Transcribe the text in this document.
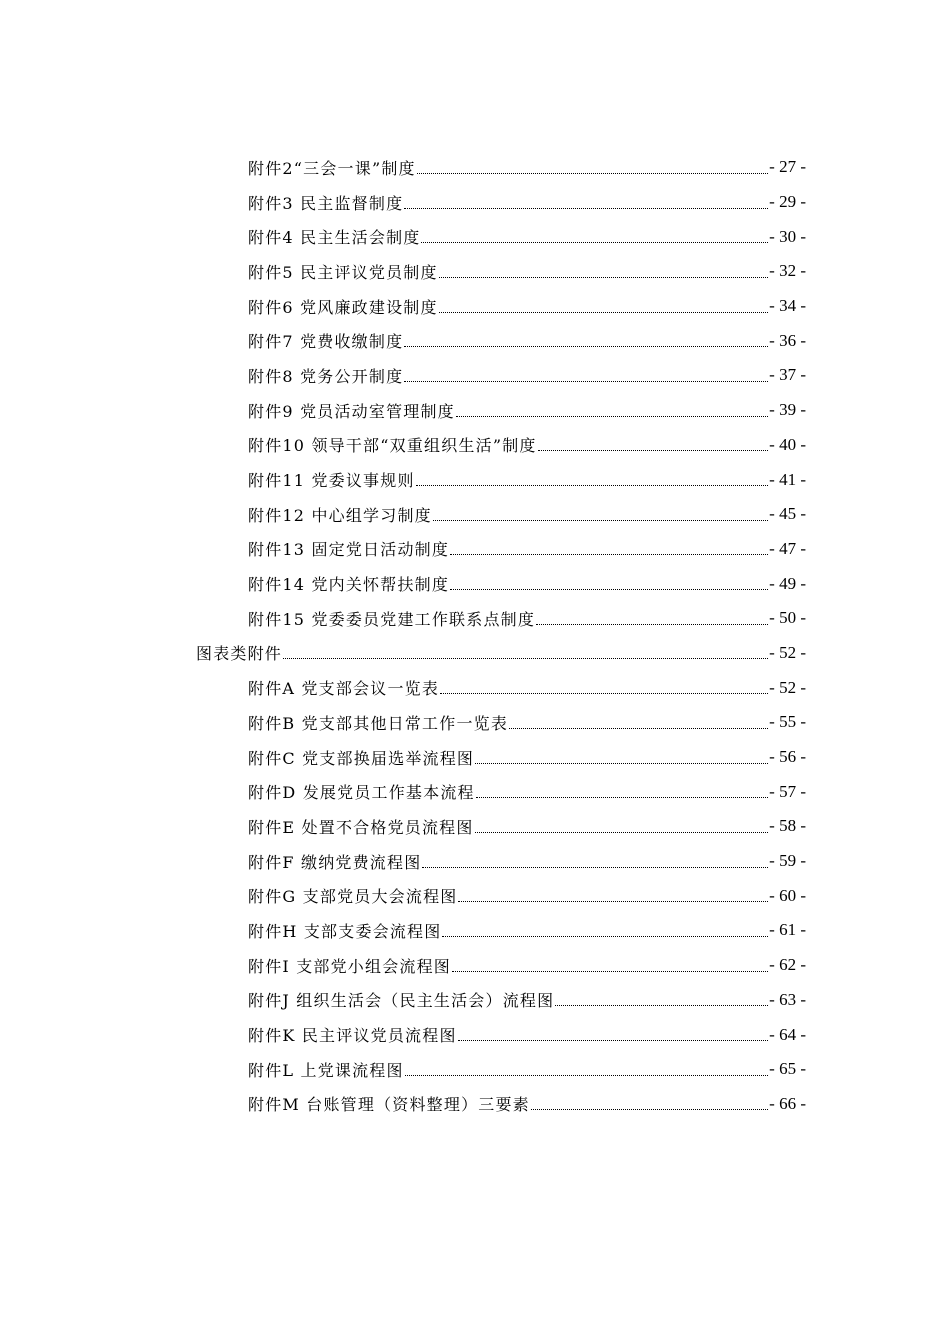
附件2“三会一课”制度	- 27 -
附件3 民主监督制度	- 29 -
附件4 民主生活会制度	- 30 -
附件5 民主评议党员制度	- 32 -
附件6 党风廉政建设制度	- 34 -
附件7 党费收缴制度	- 36 -
附件8 党务公开制度	- 37 -
附件9 党员活动室管理制度	- 39 -
附件10 领导干部“双重组织生活”制度	- 40 -
附件11 党委议事规则	- 41 -
附件12 中心组学习制度	- 45 -
附件13 固定党日活动制度	- 47 -
附件14 党内关怀帮扶制度	- 49 -
附件15 党委委员党建工作联系点制度	- 50 -
图表类附件	- 52 -
附件A 党支部会议一览表	- 52 -
附件B 党支部其他日常工作一览表	- 55 -
附件C 党支部换届选举流程图	- 56 -
附件D 发展党员工作基本流程	- 57 -
附件E 处置不合格党员流程图	- 58 -
附件F 缴纳党费流程图	- 59 -
附件G 支部党员大会流程图	- 60 -
附件H 支部支委会流程图	- 61 -
附件I 支部党小组会流程图	- 62 -
附件J 组织生活会（民主生活会）流程图	- 63 -
附件K 民主评议党员流程图	- 64 -
附件L 上党课流程图	- 65 -
附件M 台账管理（资料整理）三要素	- 66 -
